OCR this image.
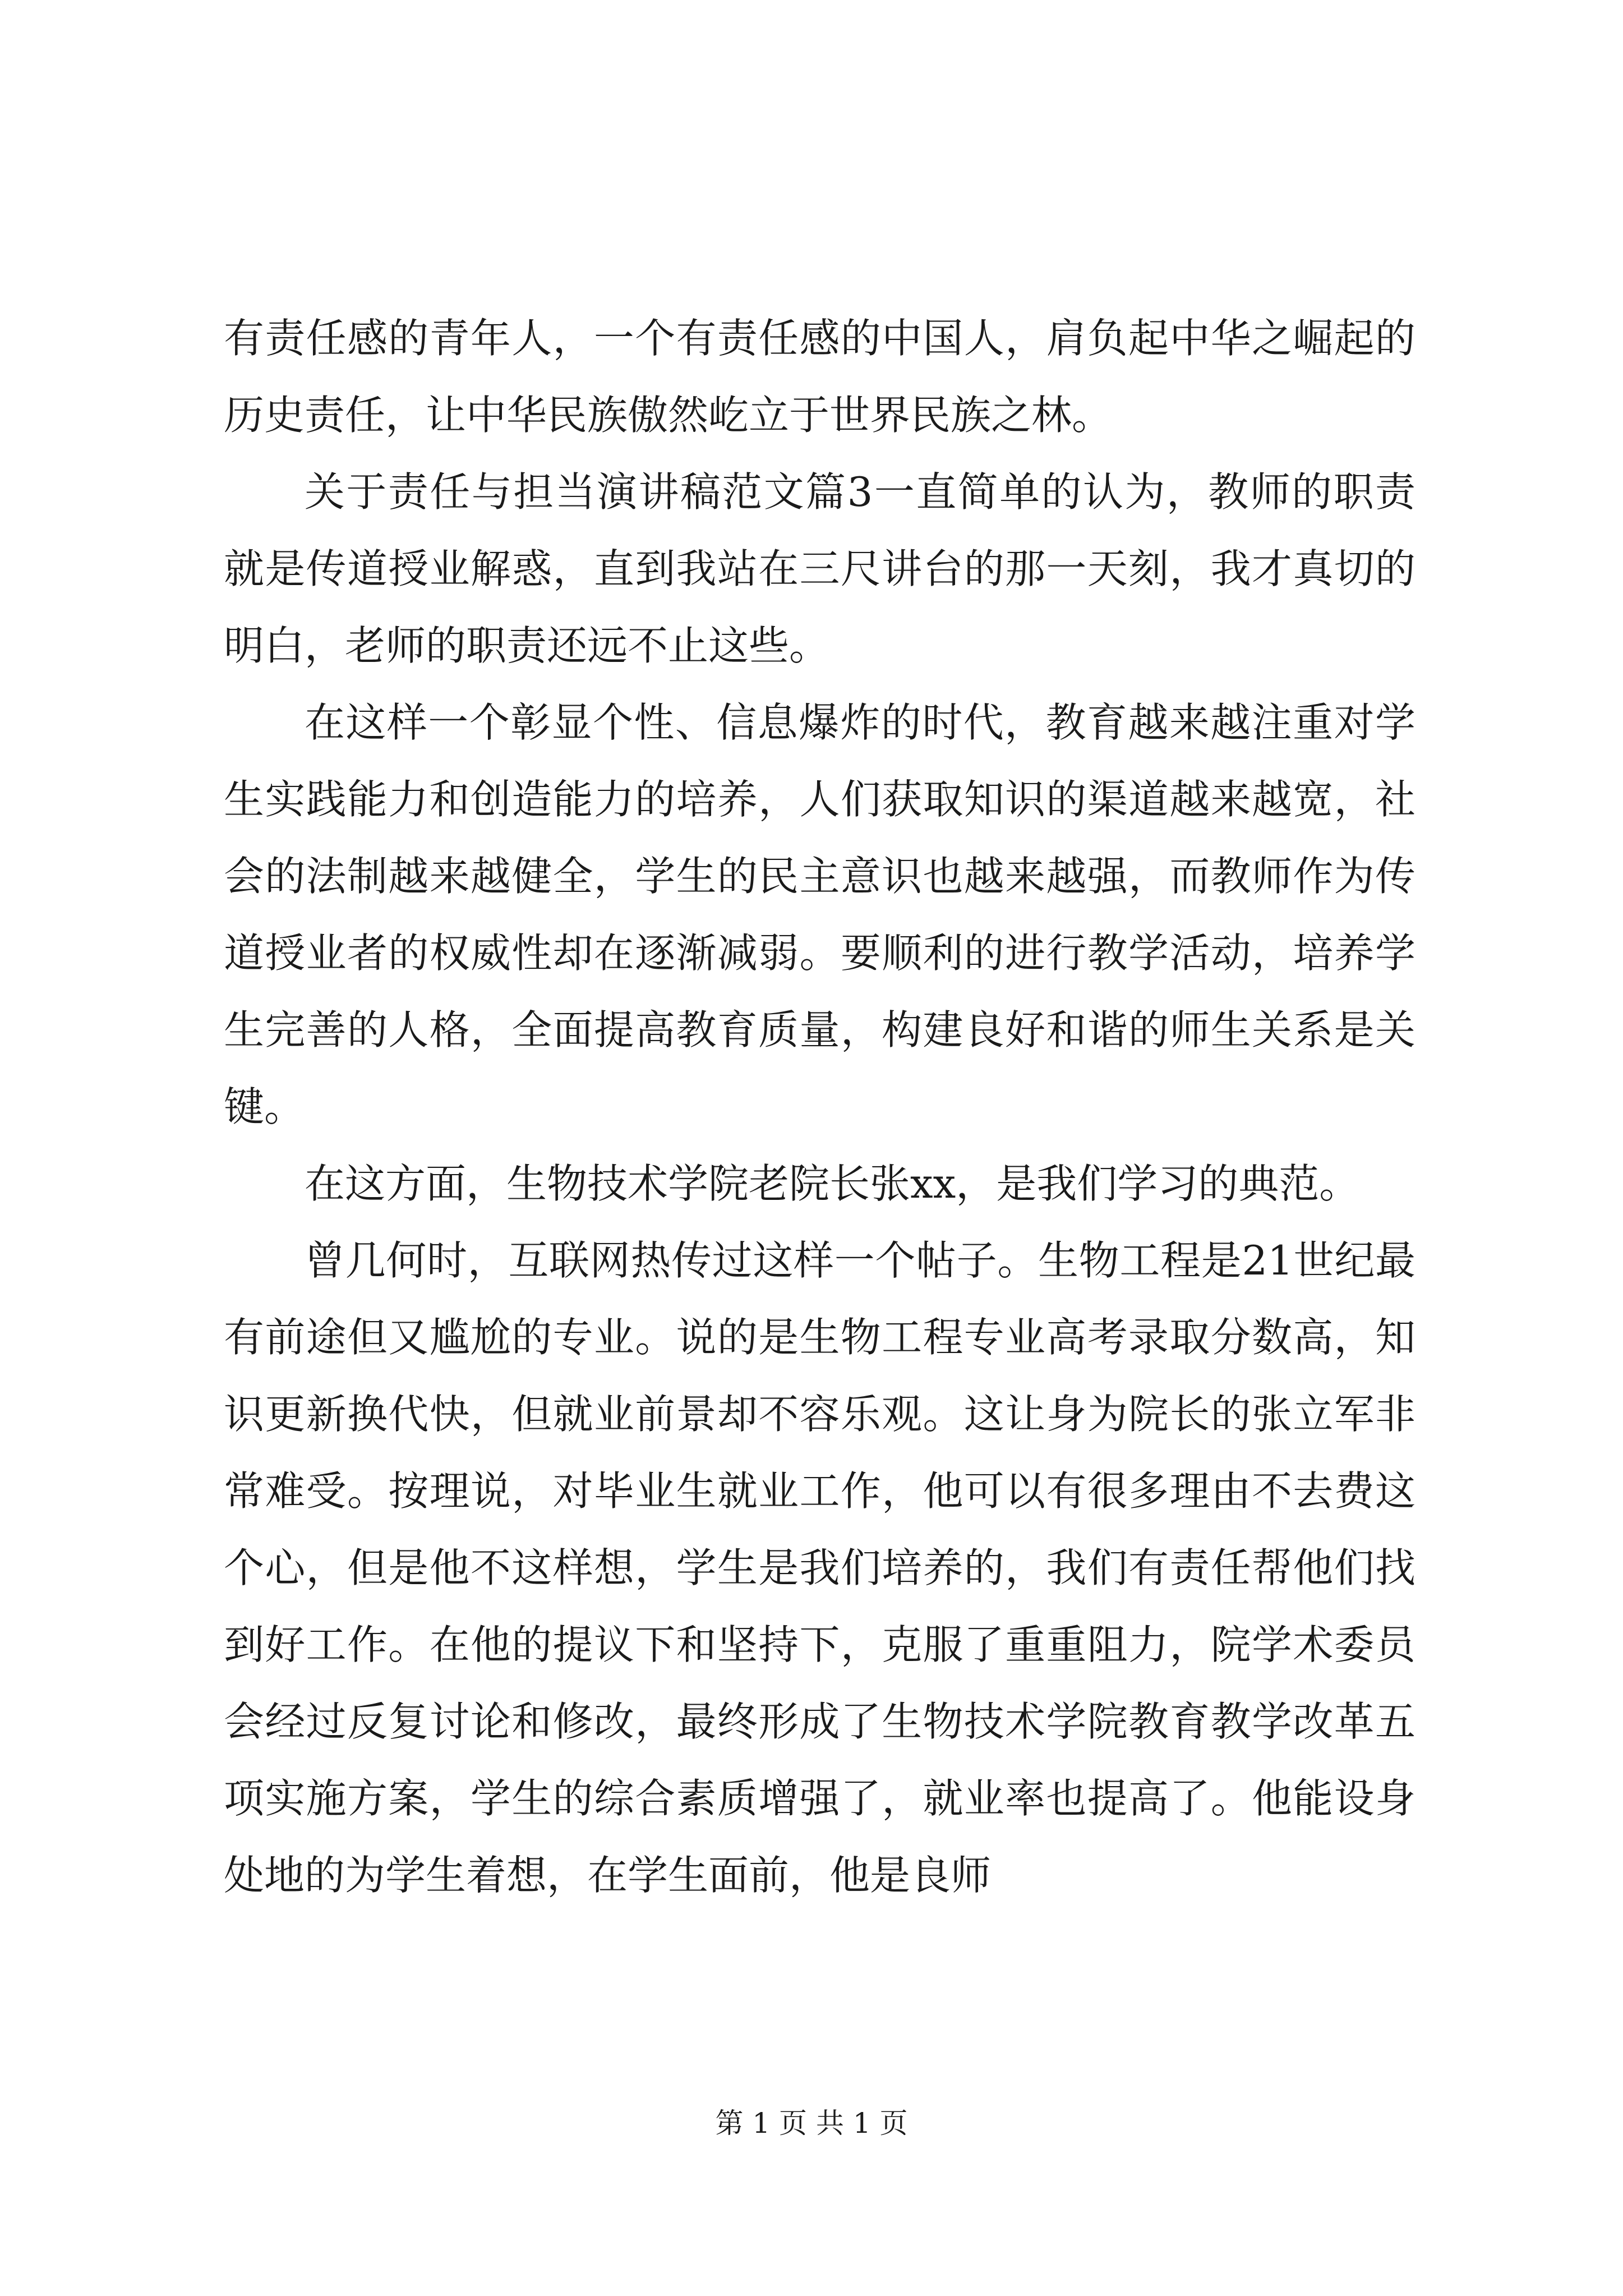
有责任感的青年人，一个有责任感的中国人，肩负起中华之崛起的历史责任，让中华民族傲然屹立于世界民族之林。

关于责任与担当演讲稿范文篇3一直简单的认为，教师的职责就是传道授业解惑，直到我站在三尺讲台的那一天刻，我才真切的明白，老师的职责还远不止这些。

在这样一个彰显个性、信息爆炸的时代，教育越来越注重对学生实践能力和创造能力的培养，人们获取知识的渠道越来越宽，社会的法制越来越健全，学生的民主意识也越来越强，而教师作为传道授业者的权威性却在逐渐减弱。要顺利的进行教学活动，培养学生完善的人格，全面提高教育质量，构建良好和谐的师生关系是关键。

在这方面，生物技术学院老院长张xx，是我们学习的典范。

曾几何时，互联网热传过这样一个帖子。生物工程是21世纪最有前途但又尴尬的专业。说的是生物工程专业高考录取分数高，知识更新换代快，但就业前景却不容乐观。这让身为院长的张立军非常难受。按理说，对毕业生就业工作，他可以有很多理由不去费这个心，但是他不这样想，学生是我们培养的，我们有责任帮他们找到好工作。在他的提议下和坚持下，克服了重重阻力，院学术委员会经过反复讨论和修改，最终形成了生物技术学院教育教学改革五项实施方案，学生的综合素质增强了，就业率也提高了。他能设身处地的为学生着想，在学生面前，他是良师

第 1 页 共 1 页
